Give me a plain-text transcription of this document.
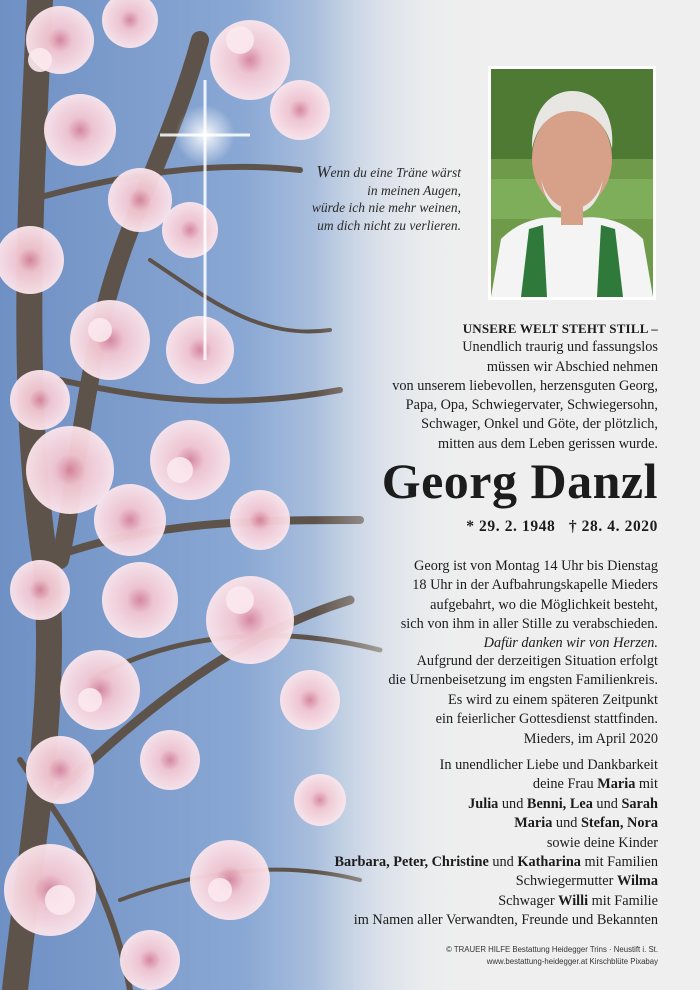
Wenn du eine Träne wärst
in meinen Augen,
würde ich nie mehr weinen,
um dich nicht zu verlieren.
UNSERE WELT STEHT STILL –
Unendlich traurig und fassungslos
müssen wir Abschied nehmen
von unserem liebevollen, herzensguten Georg,
Papa, Opa, Schwiegervater, Schwiegersohn,
Schwager, Onkel und Göte, der plötzlich,
mitten aus dem Leben gerissen wurde.
Georg Danzl
* 29. 2. 1948   † 28. 4. 2020
Georg ist von Montag 14 Uhr bis Dienstag
18 Uhr in der Aufbahrungskapelle Mieders
aufgebahrt, wo die Möglichkeit besteht,
sich von ihm in aller Stille zu verabschieden.
Dafür danken wir von Herzen.
Aufgrund der derzeitigen Situation erfolgt
die Urnenbeisetzung im engsten Familienkreis.
Es wird zu einem späteren Zeitpunkt
ein feierlicher Gottesdienst stattfinden.
Mieders, im April 2020
In unendlicher Liebe und Dankbarkeit
deine Frau Maria mit
Julia und Benni, Lea und Sarah
Maria und Stefan, Nora
sowie deine Kinder
Barbara, Peter, Christine und Katharina mit Familien
Schwiegermutter Wilma
Schwager Willi mit Familie
im Namen aller Verwandten, Freunde und Bekannten
© TRAUER HILFE Bestattung Heidegger Trins · Neustift i. St.
www.bestattung-heidegger.at Kirschblüte Pixabay
